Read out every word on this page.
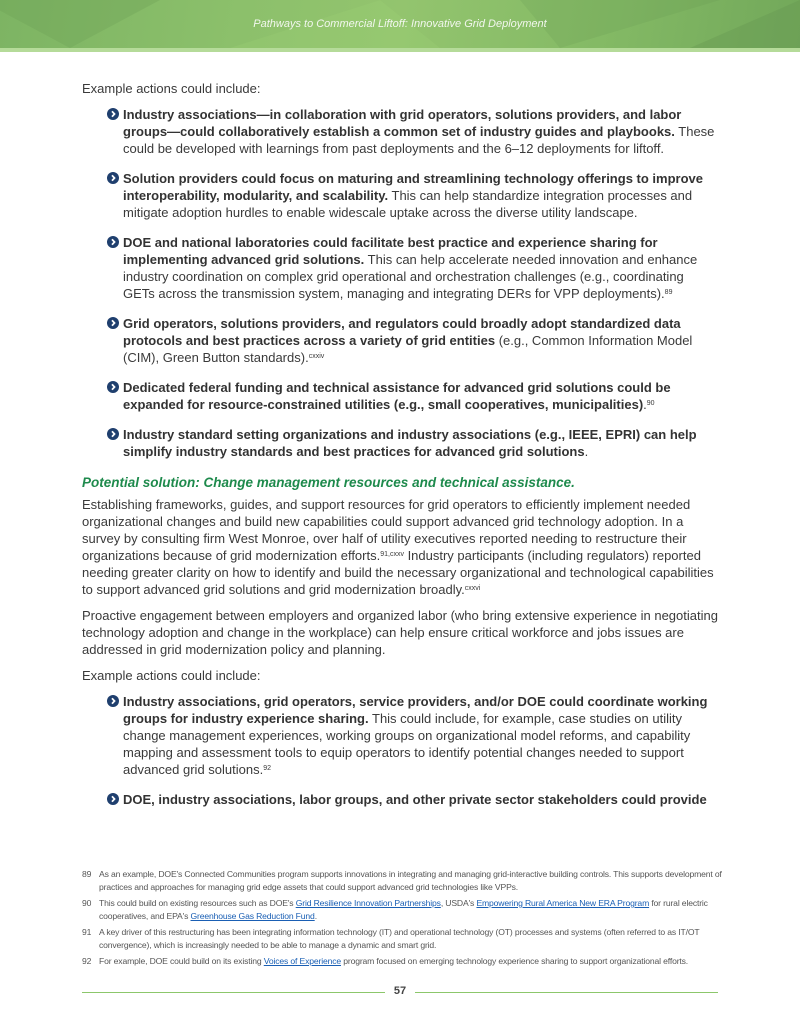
Pathways to Commercial Liftoff: Innovative Grid Deployment

Example actions could include:

Industry associations—in collaboration with grid operators, solutions providers, and labor groups—could collaboratively establish a common set of industry guides and playbooks. These could be developed with learnings from past deployments and the 6–12 deployments for liftoff.
Solution providers could focus on maturing and streamlining technology offerings to improve interoperability, modularity, and scalability. This can help standardize integration processes and mitigate adoption hurdles to enable widescale uptake across the diverse utility landscape.
DOE and national laboratories could facilitate best practice and experience sharing for implementing advanced grid solutions. This can help accelerate needed innovation and enhance industry coordination on complex grid operational and orchestration challenges (e.g., coordinating GETs across the transmission system, managing and integrating DERs for VPP deployments).$^{89}$
Grid operators, solutions providers, and regulators could broadly adopt standardized data protocols and best practices across a variety of grid entities (e.g., Common Information Model (CIM), Green Button standards).$^{cxxiv}$
Dedicated federal funding and technical assistance for advanced grid solutions could be expanded for resource-constrained utilities (e.g., small cooperatives, municipalities).$^{90}$
Industry standard setting organizations and industry associations (e.g., IEEE, EPRI) can help simplify industry standards and best practices for advanced grid solutions.
Potential solution: Change management resources and technical assistance.

Establishing frameworks, guides, and support resources for grid operators to efficiently implement needed organizational changes and build new capabilities could support advanced grid technology adoption. In a survey by consulting firm West Monroe, over half of utility executives reported needing to restructure their organizations because of grid modernization efforts.$^{91,cxxv}$ Industry participants (including regulators) reported needing greater clarity on how to identify and build the necessary organizational and technological capabilities to support advanced grid solutions and grid modernization broadly.$^{cxxvi}$

Proactive engagement between employers and organized labor (who bring extensive experience in negotiating technology adoption and change in the workplace) can help ensure critical workforce and jobs issues are addressed in grid modernization policy and planning.

Example actions could include:

Industry associations, grid operators, service providers, and/or DOE could coordinate working groups for industry experience sharing. This could include, for example, case studies on utility change management experiences, working groups on organizational model reforms, and capability mapping and assessment tools to equip operators to identify potential changes needed to support advanced grid solutions.$^{92}$
DOE, industry associations, labor groups, and other private sector stakeholders could provide
89 As an example, DOE's Connected Communities program supports innovations in integrating and managing grid-interactive building controls. This supports development of practices and approaches for managing grid edge assets that could support advanced grid technologies like VPPs.
90 This could build on existing resources such as DOE's Grid Resilience Innovation Partnerships, USDA's Empowering Rural America New ERA Program for rural electric cooperatives, and EPA's Greenhouse Gas Reduction Fund.
91 A key driver of this restructuring has been integrating information technology (IT) and operational technology (OT) processes and systems (often referred to as IT/OT convergence), which is increasingly needed to be able to manage a dynamic and smart grid.
92 For example, DOE could build on its existing Voices of Experience program focused on emerging technology experience sharing to support organizational efforts.
57
